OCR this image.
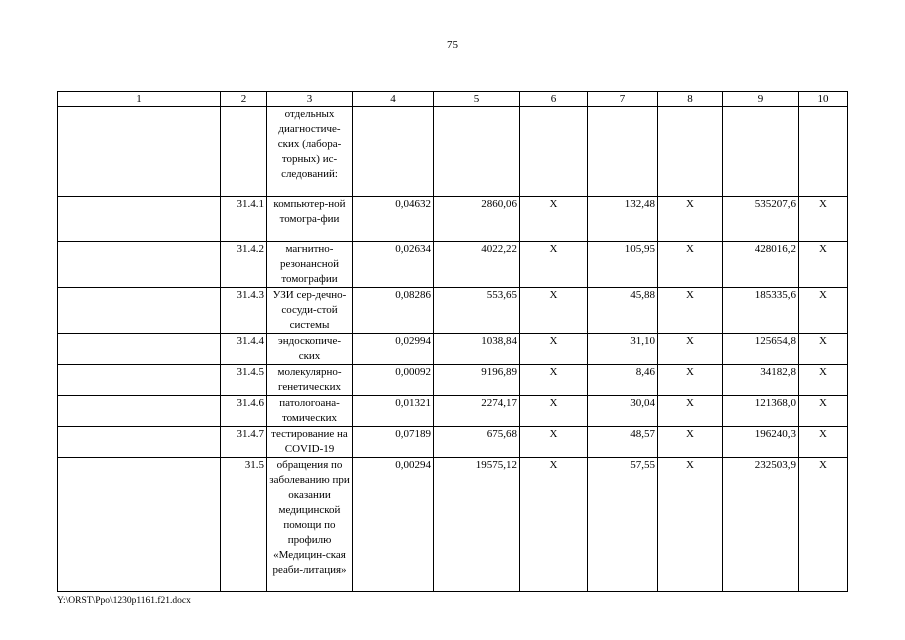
75
1	2	3	4	5	6	7	8	9	10
		отдельных диагностиче-ских (лабора-торных) ис-следований:							
	31.4.1	компьютер-ной томогра-фии	0,04632	2860,06	Х	132,48	Х	535207,6	Х
	31.4.2	магнитно-резонансной томографии	0,02634	4022,22	Х	105,95	Х	428016,2	Х
	31.4.3	УЗИ сер-дечно-сосуди-стой системы	0,08286	553,65	Х	45,88	Х	185335,6	Х
	31.4.4	эндоскопиче-ских	0,02994	1038,84	Х	31,10	Х	125654,8	Х
	31.4.5	молекулярно-генетических	0,00092	9196,89	Х	8,46	Х	34182,8	Х
	31.4.6	патологоана-томических	0,01321	2274,17	Х	30,04	Х	121368,0	Х
	31.4.7	тестирование на COVID-19	0,07189	675,68	Х	48,57	Х	196240,3	Х
	31.5	обращения по заболеванию при оказании медицинской помощи по профилю «Медицин-ская реаби-литация»	0,00294	19575,12	Х	57,55	Х	232503,9	Х
Y:\ORST\Ppo\1230p1161.f21.docx
